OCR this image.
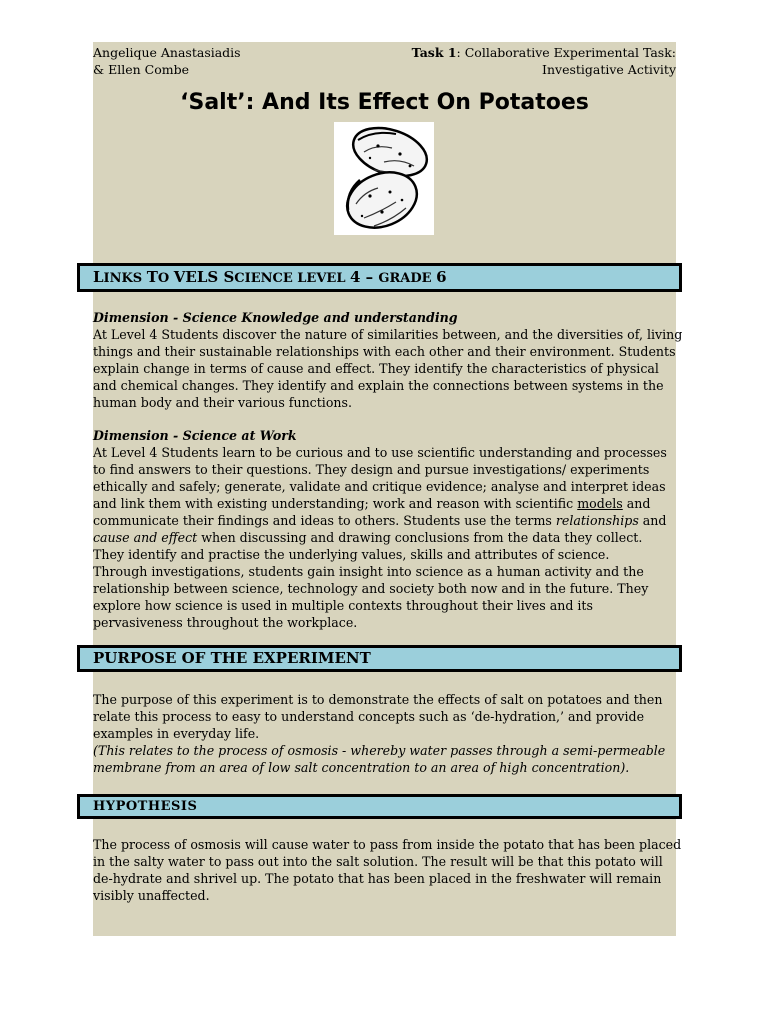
Angelique Anastasiadis
& Ellen Combe
Task 1: Collaborative Experimental Task:
Investigative Activity
‘Salt’: And Its Effect On Potatoes
LINKS TO VELS SCIENCE LEVEL 4 – GRADE 6

Dimension - Science Knowledge and understanding

At Level 4 Students discover the nature of similarities between, and the diversities of, living things and their sustainable relationships with each other and their environment. Students explain change in terms of cause and effect. They identify the characteristics of physical and chemical changes. They identify and explain the connections between systems in the human body and their various functions.

Dimension - Science at Work

At Level 4 Students learn to be curious and to use scientific understanding and processes to find answers to their questions. They design and pursue investigations/ experiments ethically and safely; generate, validate and critique evidence; analyse and interpret ideas and link them with existing understanding; work and reason with scientific models and communicate their findings and ideas to others. Students use the terms relationships and cause and effect when discussing and drawing conclusions from the data they collect.

They identify and practise the underlying values, skills and attributes of science.

Through investigations, students gain insight into science as a human activity and the relationship between science, technology and society both now and in the future. They explore how science is used in multiple contexts throughout their lives and its pervasiveness throughout the workplace.

PURPOSE OF THE EXPERIMENT

The purpose of this experiment is to demonstrate the effects of salt on potatoes and then relate this process to easy to understand concepts such as ‘de-hydration,’ and provide examples in everyday life.

(This relates to the process of osmosis - whereby water passes through a semi-permeable membrane from an area of low salt concentration to an area of high concentration).

HYPOTHESIS

The process of osmosis will cause water to pass from inside the potato that has been placed in the salty water to pass out into the salt solution. The result will be that this potato will de-hydrate and shrivel up. The potato that has been placed in the freshwater will remain visibly unaffected.
